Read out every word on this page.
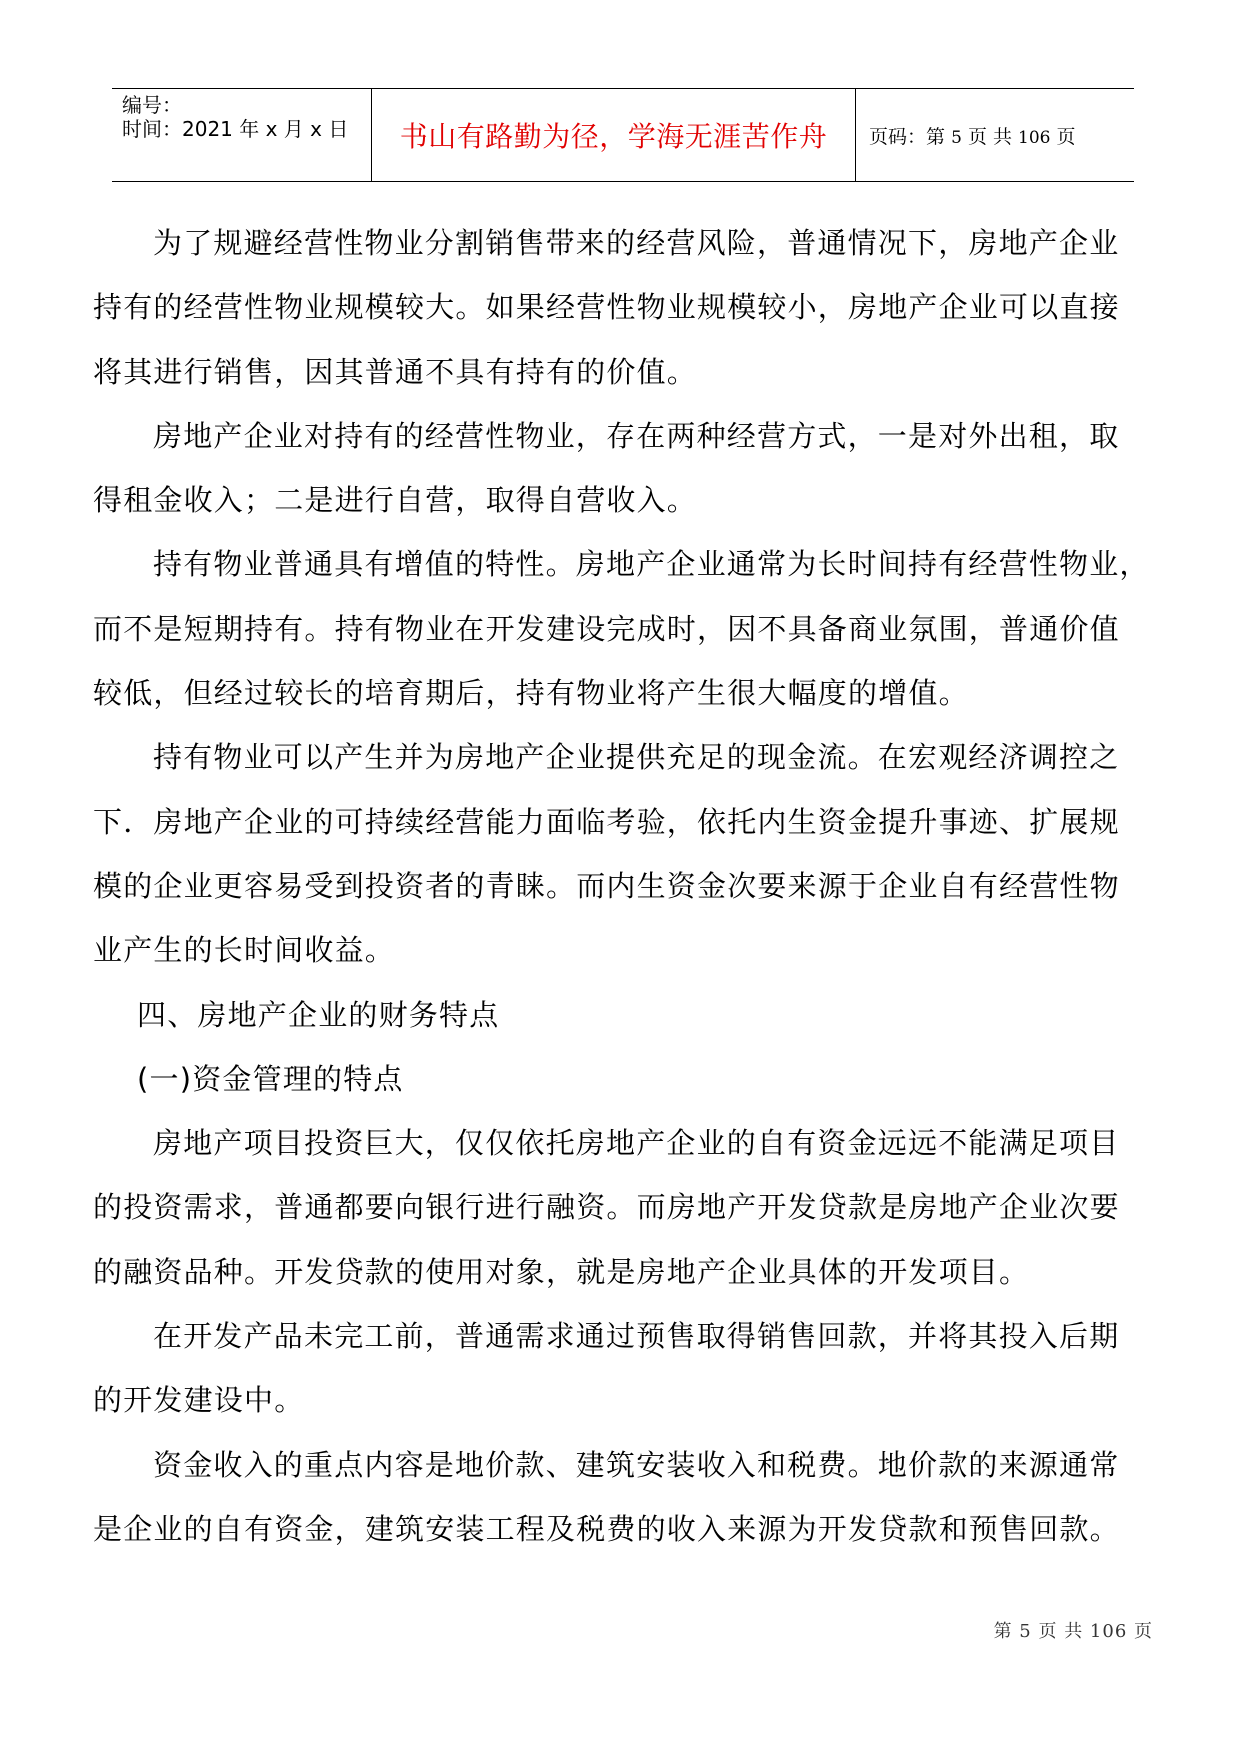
编号：
时间：2021 年 x 月 x 日 书山有路勤为径，学海无涯苦作舟 页码：第 5 页 共 106 页

为了规避经营性物业分割销售带来的经营风险，普通情况下，房地产企业
持有的经营性物业规模较大。如果经营性物业规模较小，房地产企业可以直接
将其进行销售，因其普通不具有持有的价值。

房地产企业对持有的经营性物业，存在两种经营方式，一是对外出租，取
得租金收入；二是进行自营，取得自营收入。

持有物业普通具有增值的特性。房地产企业通常为长时间持有经营性物业，
而不是短期持有。持有物业在开发建设完成时，因不具备商业氛围，普通价值
较低，但经过较长的培育期后，持有物业将产生很大幅度的增值。

持有物业可以产生并为房地产企业提供充足的现金流。在宏观经济调控之
下．房地产企业的可持续经营能力面临考验，依托内生资金提升事迹、扩展规
模的企业更容易受到投资者的青睐。而内生资金次要来源于企业自有经营性物
业产生的长时间收益。

四、房地产企业的财务特点

(一)资金管理的特点

房地产项目投资巨大，仅仅依托房地产企业的自有资金远远不能满足项目
的投资需求，普通都要向银行进行融资。而房地产开发贷款是房地产企业次要
的融资品种。开发贷款的使用对象，就是房地产企业具体的开发项目。

在开发产品未完工前，普通需求通过预售取得销售回款，并将其投入后期
的开发建设中。

资金收入的重点内容是地价款、建筑安装收入和税费。地价款的来源通常
是企业的自有资金，建筑安装工程及税费的收入来源为开发贷款和预售回款。

第 5 页 共 106 页
